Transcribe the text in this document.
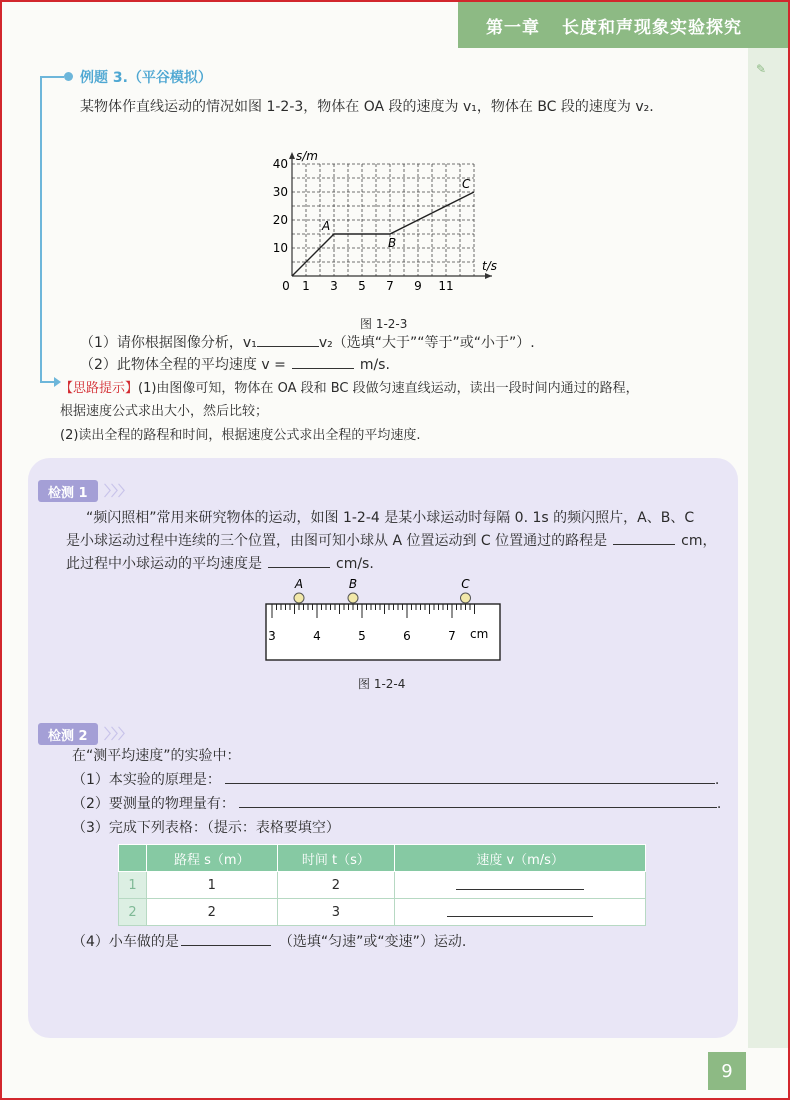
第一章 长度和声现象实验探究
✎
例题 3.（平谷模拟）
某物体作直线运动的情况如图 1-2-3，物体在 OA 段的速度为 v₁，物体在 BC 段的速度为 v₂.
s/m
t/s
0 1 3 5 7 9 11
10
20
30
40
A
B
C
图 1-2-3
（1）请你根据图像分析，v₁	v₂（选填“大于”“等于”或“小于”）.
（2）此物体全程的平均速度 v =	m/s.
【思路提示】(1)由图像可知，物体在 OA 段和 BC 段做匀速直线运动，读出一段时间内通过的路程，
根据速度公式求出大小，然后比较；
(2)读出全程的路程和时间，根据速度公式求出全程的平均速度.
检测 1 〉〉〉
“频闪照相”常用来研究物体的运动，如图 1-2-4 是某小球运动时每隔 0. 1s 的频闪照片，A、B、C
是小球运动过程中连续的三个位置，由图可知小球从 A 位置运动到 C 位置通过的路程是	cm，
此过程中小球运动的平均速度是	cm/s.
3	4	5	6	7 cm
A	B	C
图 1-2-4
检测 2 〉〉〉
在“测平均速度”的实验中：
（1）本实验的原理是：	.
（2）要测量的物理量有：	.
（3）完成下列表格：（提示：表格要填空）
	路程 s（m）	时间 t（s）	速度 v（m/s）
1	1	2	
2	2	3	
（4）小车做的是	（选填“匀速”或“变速”）运动.
9
